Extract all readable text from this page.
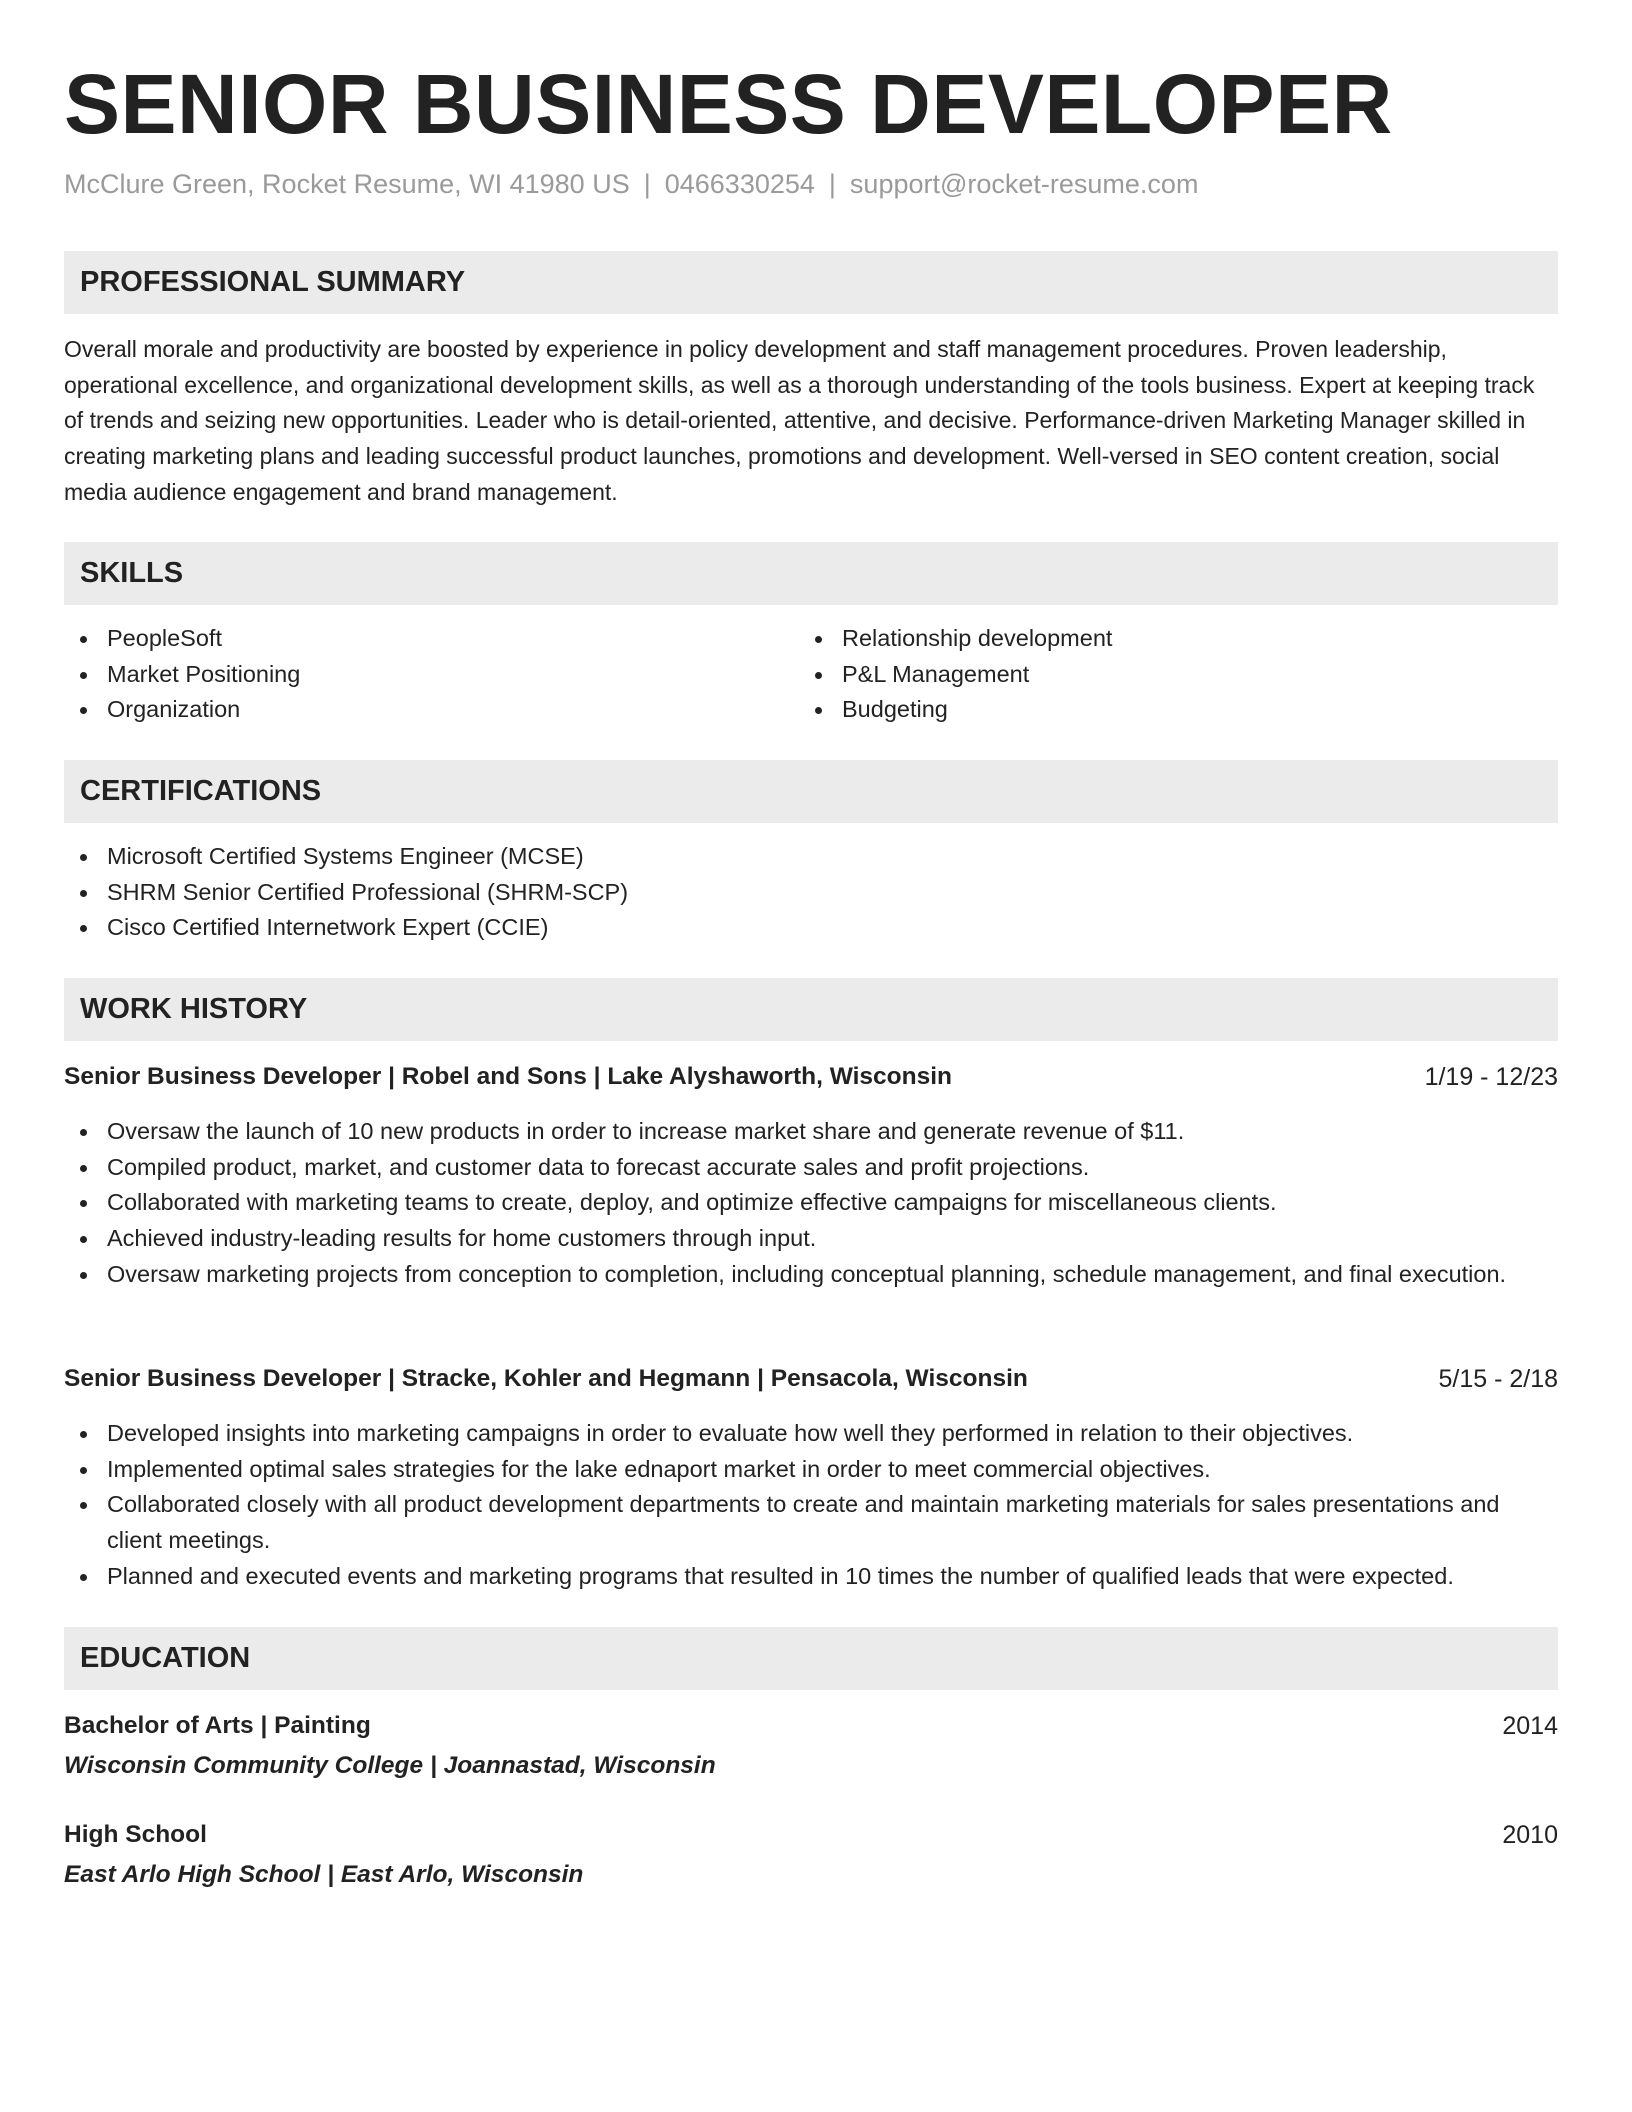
SENIOR BUSINESS DEVELOPER
McClure Green, Rocket Resume, WI 41980 US | 0466330254 | support@rocket-resume.com
PROFESSIONAL SUMMARY
Overall morale and productivity are boosted by experience in policy development and staff management procedures. Proven leadership, operational excellence, and organizational development skills, as well as a thorough understanding of the tools business. Expert at keeping track of trends and seizing new opportunities. Leader who is detail-oriented, attentive, and decisive. Performance-driven Marketing Manager skilled in creating marketing plans and leading successful product launches, promotions and development. Well-versed in SEO content creation, social media audience engagement and brand management.
SKILLS
PeopleSoft
Market Positioning
Organization
Relationship development
P&L Management
Budgeting
CERTIFICATIONS
Microsoft Certified Systems Engineer (MCSE)
SHRM Senior Certified Professional (SHRM-SCP)
Cisco Certified Internetwork Expert (CCIE)
WORK HISTORY
Senior Business Developer | Robel and Sons | Lake Alyshaworth, Wisconsin	1/19 - 12/23
Oversaw the launch of 10 new products in order to increase market share and generate revenue of $11.
Compiled product, market, and customer data to forecast accurate sales and profit projections.
Collaborated with marketing teams to create, deploy, and optimize effective campaigns for miscellaneous clients.
Achieved industry-leading results for home customers through input.
Oversaw marketing projects from conception to completion, including conceptual planning, schedule management, and final execution.
Senior Business Developer | Stracke, Kohler and Hegmann | Pensacola, Wisconsin	5/15 - 2/18
Developed insights into marketing campaigns in order to evaluate how well they performed in relation to their objectives.
Implemented optimal sales strategies for the lake ednaport market in order to meet commercial objectives.
Collaborated closely with all product development departments to create and maintain marketing materials for sales presentations and client meetings.
Planned and executed events and marketing programs that resulted in 10 times the number of qualified leads that were expected.
EDUCATION
Bachelor of Arts | Painting	2014
Wisconsin Community College | Joannastad, Wisconsin
High School	2010
East Arlo High School | East Arlo, Wisconsin
